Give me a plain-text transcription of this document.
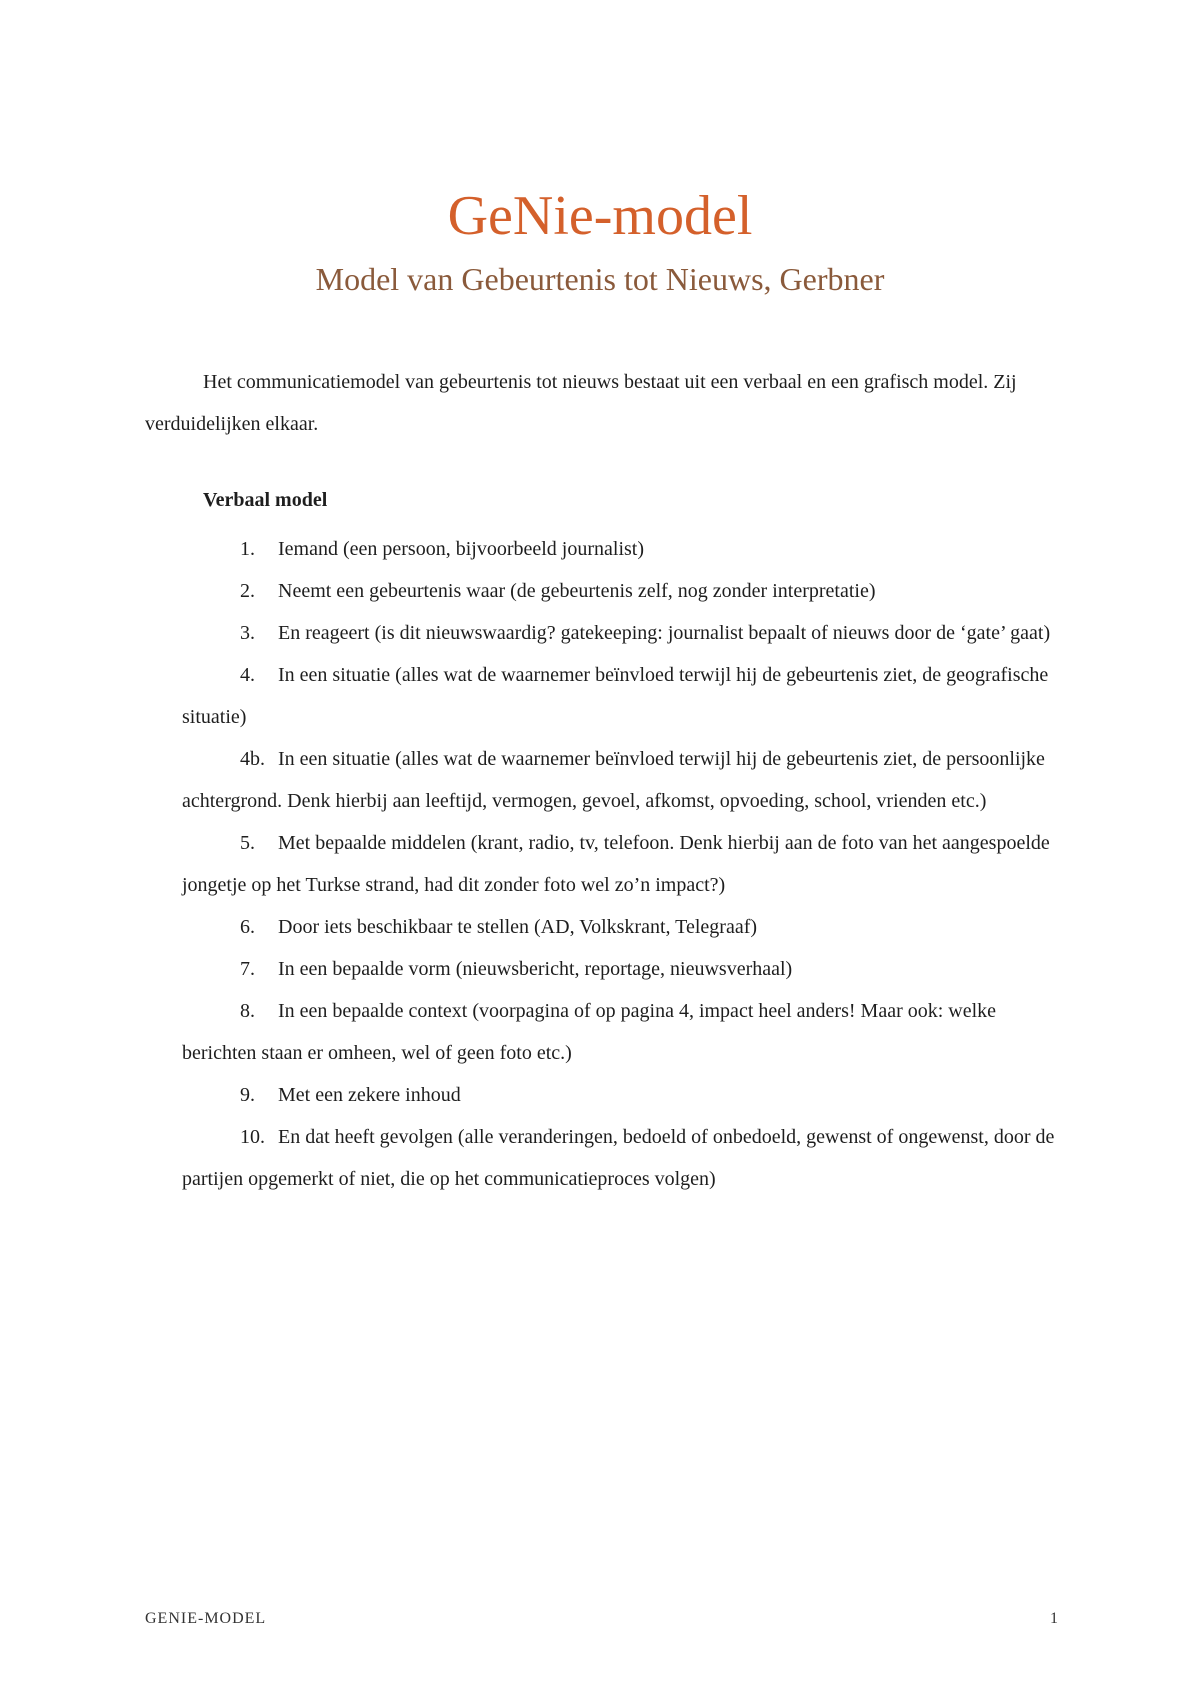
GeNie-model
Model van Gebeurtenis tot Nieuws, Gerbner

Het communicatiemodel van gebeurtenis tot nieuws bestaat uit een verbaal en een grafisch model. Zij verduidelijken elkaar.

Verbaal model
1. Iemand (een persoon, bijvoorbeeld journalist)
2. Neemt een gebeurtenis waar (de gebeurtenis zelf, nog zonder interpretatie)
3. En reageert (is dit nieuwswaardig? gatekeeping: journalist bepaalt of nieuws door de ‘gate’ gaat)
4. In een situatie (alles wat de waarnemer beïnvloed terwijl hij de gebeurtenis ziet, de geografische situatie)
4b. In een situatie (alles wat de waarnemer beïnvloed terwijl hij de gebeurtenis ziet, de persoonlijke achtergrond. Denk hierbij aan leeftijd, vermogen, gevoel, afkomst, opvoeding, school, vrienden etc.)
5. Met bepaalde middelen (krant, radio, tv, telefoon. Denk hierbij aan de foto van het aangespoelde jongetje op het Turkse strand, had dit zonder foto wel zo’n impact?)
6. Door iets beschikbaar te stellen (AD, Volkskrant, Telegraaf)
7. In een bepaalde vorm (nieuwsbericht, reportage, nieuwsverhaal)
8. In een bepaalde context (voorpagina of op pagina 4, impact heel anders! Maar ook: welke berichten staan er omheen, wel of geen foto etc.)
9. Met een zekere inhoud
10. En dat heeft gevolgen (alle veranderingen, bedoeld of onbedoeld, gewenst of ongewenst, door de partijen opgemerkt of niet, die op het communicatieproces volgen)
GENIE-MODEL	1
